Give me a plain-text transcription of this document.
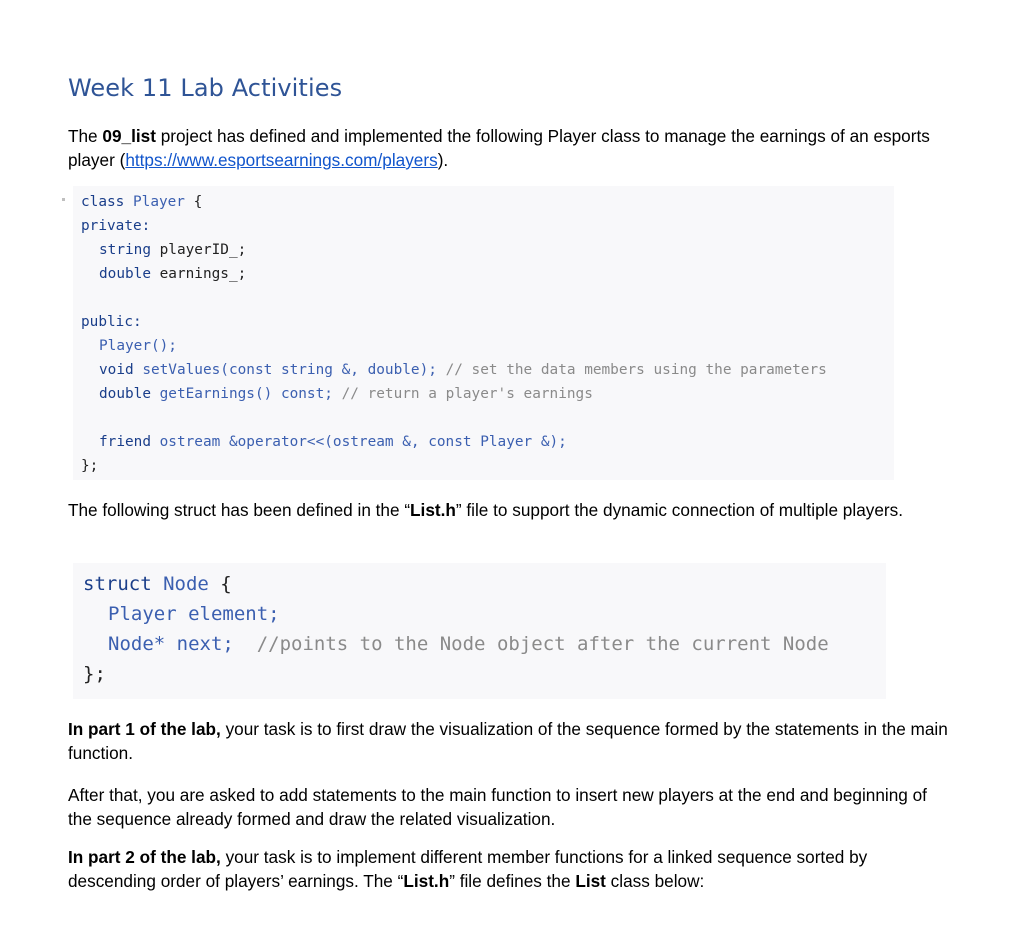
Week 11 Lab Activities

The 09_list project has defined and implemented the following Player class to manage the earnings of an esports player (https://www.esportsearnings.com/players).

class Player {

private:

string playerID_;

double earnings_;

public:

Player();

void setValues(const string &, double); // set the data members using the parameters

double getEarnings() const; // return a player's earnings

friend ostream &operator<<(ostream &, const Player &);

};

The following struct has been defined in the “List.h” file to support the dynamic connection of multiple players.

struct Node {

Player element;

Node* next;  //points to the Node object after the current Node

};

In part 1 of the lab, your task is to first draw the visualization of the sequence formed by the statements in the main function.

After that, you are asked to add statements to the main function to insert new players at the end and beginning of the sequence already formed and draw the related visualization.

In part 2 of the lab, your task is to implement different member functions for a linked sequence sorted by descending order of players’ earnings. The “List.h” file defines the List class below:
